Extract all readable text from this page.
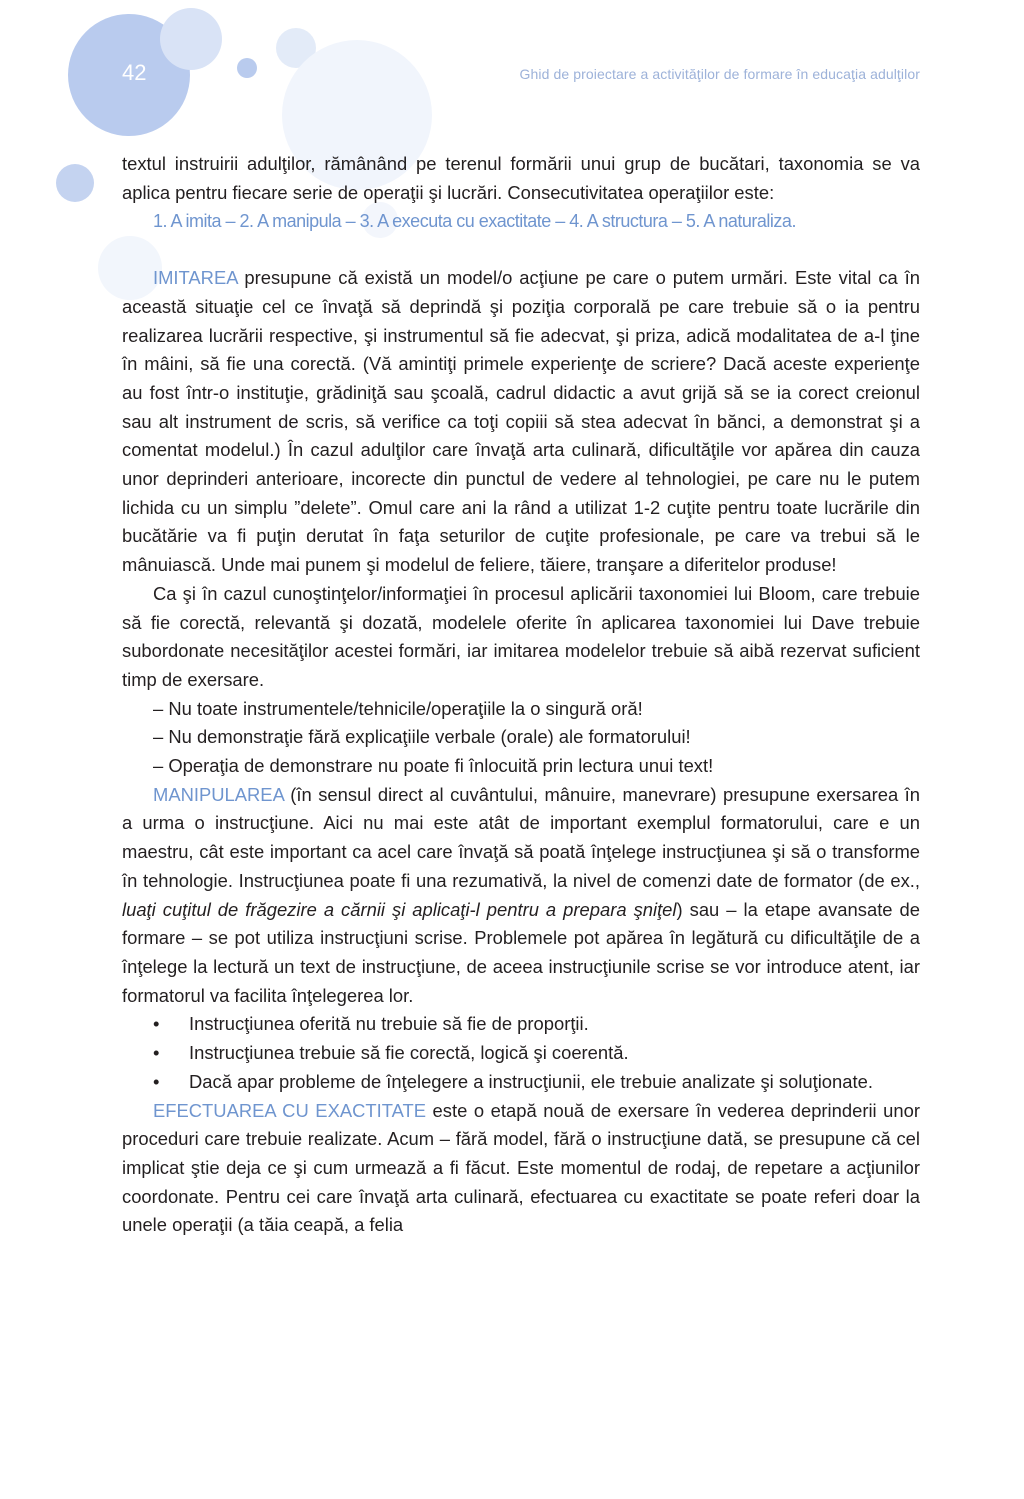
42	Ghid de proiectare a activităţilor de formare în educaţia adulţilor

textul instruirii adulţilor, rămânând pe terenul formării unui grup de bucătari, taxonomia se va aplica pentru fiecare serie de operaţii şi lucrări. Consecutivitatea operaţiilor este:

1. A imita – 2. A manipula – 3. A executa cu exactitate – 4. A structura – 5. A naturaliza.

IMITAREA presupune că există un model/o acţiune pe care o putem urmări. Este vital ca în această situaţie cel ce învaţă să deprindă şi poziţia corporală pe care trebuie să o ia pentru realizarea lucrării respective, şi instrumentul să fie adecvat, şi priza, adică modalitatea de a-l ţine în mâini, să fie una corectă. (Vă amintiţi primele experienţe de scriere? Dacă aceste experienţe au fost într-o instituţie, grădiniţă sau şcoală, cadrul didactic a avut grijă să se ia corect creionul sau alt instrument de scris, să verifice ca toţi copiii să stea adecvat în bănci, a demonstrat şi a comentat modelul.) În cazul adulţilor care învaţă arta culinară, dificultăţile vor apărea din cauza unor deprinderi anterioare, incorecte din punctul de vedere al tehnologiei, pe care nu le putem lichida cu un simplu ”delete”. Omul care ani la rând a utilizat 1-2 cuţite pentru toate lucrările din bucătărie va fi puţin derutat în faţa seturilor de cuţite profesionale, pe care va trebui să le mânuiască. Unde mai punem şi modelul de feliere, tăiere, tranşare a diferitelor produse!

Ca şi în cazul cunoştinţelor/informaţiei în procesul aplicării taxonomiei lui Bloom, care trebuie să fie corectă, relevantă şi dozată, modelele oferite în aplicarea taxonomiei lui Dave trebuie subordonate necesităţilor acestei formări, iar imitarea modelelor trebuie să aibă rezervat suficient timp de exersare.

– Nu toate instrumentele/tehnicile/operaţiile la o singură oră!

– Nu demonstraţie fără explicaţiile verbale (orale) ale formatorului!

– Operaţia de demonstrare nu poate fi înlocuită prin lectura unui text!

MANIPULAREA (în sensul direct al cuvântului, mânuire, manevrare) presupune exersarea în a urma o instrucţiune. Aici nu mai este atât de important exemplul formatorului, care e un maestru, cât este important ca acel care învaţă să poată înţelege instrucţiunea şi să o transforme în tehnologie. Instrucţiunea poate fi una rezumativă, la nivel de comenzi date de formator (de ex., luaţi cuţitul de frăgezire a cărnii şi aplicaţi-l pentru a prepara şniţel) sau – la etape avansate de formare – se pot utiliza instrucţiuni scrise. Problemele pot apărea în legătură cu dificultăţile de a înţelege la lectură un text de instrucţiune, de aceea instrucţiunile scrise se vor introduce atent, iar formatorul va facilita înţelegerea lor.

• Instrucţiunea oferită nu trebuie să fie de proporţii.
• Instrucţiunea trebuie să fie corectă, logică şi coerentă.
• Dacă apar probleme de înţelegere a instrucţiunii, ele trebuie analizate şi soluţionate.

EFECTUAREA CU EXACTITATE este o etapă nouă de exersare în vederea deprinderii unor proceduri care trebuie realizate. Acum – fără model, fără o instrucţiune dată, se presupune că cel implicat ştie deja ce şi cum urmează a fi făcut. Este momentul de rodaj, de repetare a acţiunilor coordonate. Pentru cei care învaţă arta culinară, efectuarea cu exactitate se poate referi doar la unele operaţii (a tăia ceapă, a felia
